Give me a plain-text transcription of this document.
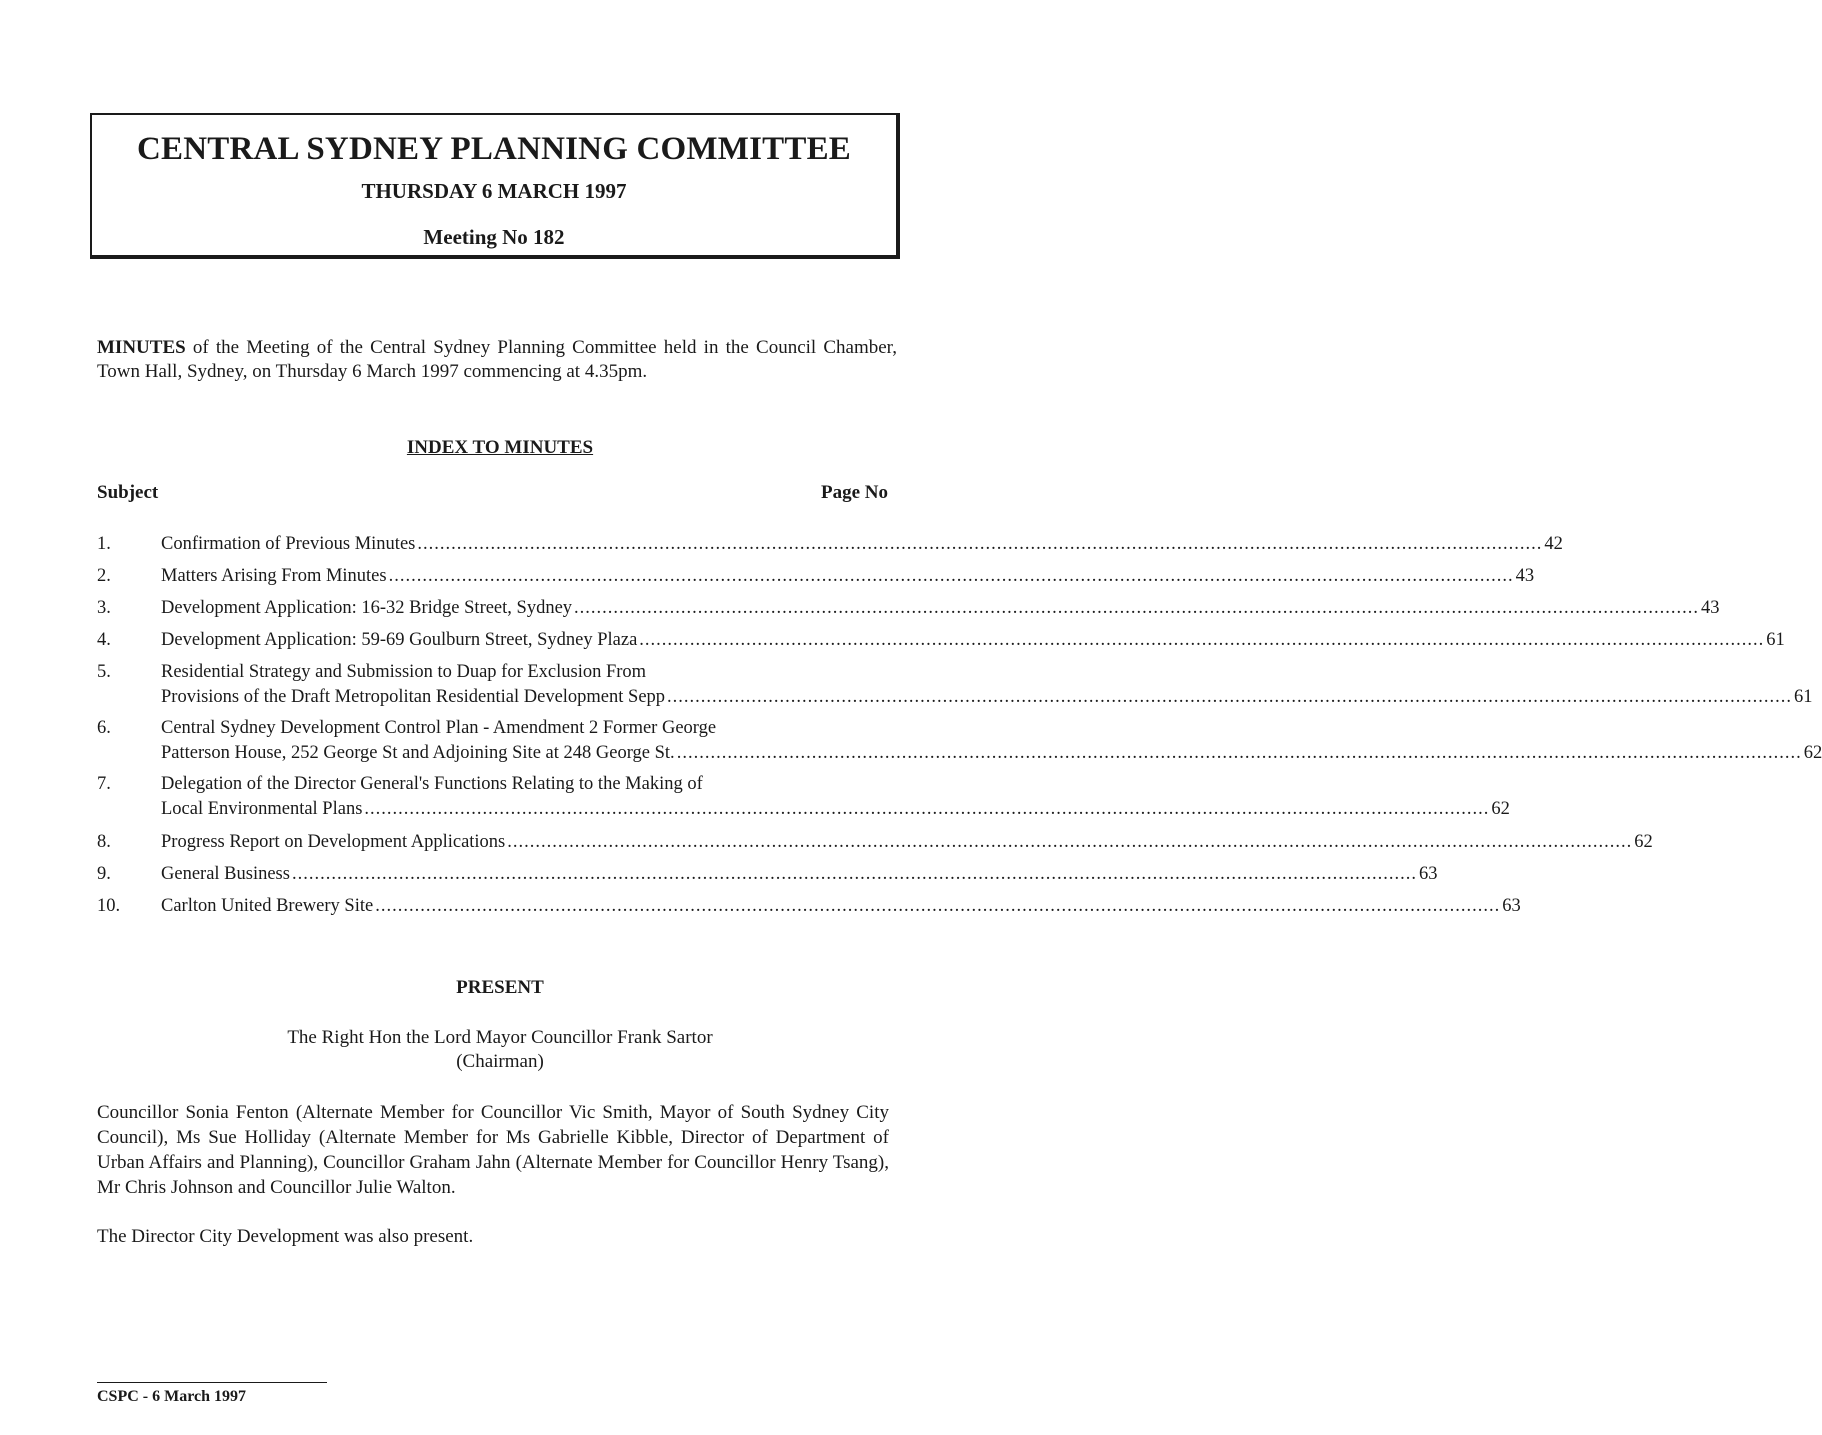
CENTRAL SYDNEY PLANNING COMMITTEE
THURSDAY 6 MARCH 1997
Meeting No 182
MINUTES of the Meeting of the Central Sydney Planning Committee held in the Council Chamber, Town Hall, Sydney, on Thursday 6 March 1997 commencing at 4.35pm.
INDEX TO MINUTES
Subject	Page No
1.	Confirmation of Previous Minutes ........................................................................................................................................................................................................ 42
2.	Matters Arising From Minutes ........................................................................................................................................................................................................ 43
3.	Development Application: 16-32 Bridge Street, Sydney ........................................................................................................................................................................................................ 43
4.	Development Application: 59-69 Goulburn Street, Sydney Plaza ........................................................................................................................................................................................................ 61
5.	Residential Strategy and Submission to Duap for Exclusion From
Provisions of the Draft Metropolitan Residential Development Sepp ........................................................................................................................................................................................................ 61
6.	Central Sydney Development Control Plan - Amendment 2 Former George
Patterson House, 252 George St and Adjoining Site at 248 George St. ........................................................................................................................................................................................................ 62
7.	Delegation of the Director General's Functions Relating to the Making of
Local Environmental Plans ........................................................................................................................................................................................................ 62
8.	Progress Report on Development Applications ........................................................................................................................................................................................................ 62
9.	General Business ........................................................................................................................................................................................................ 63
10.	Carlton United Brewery Site ........................................................................................................................................................................................................ 63
PRESENT
The Right Hon the Lord Mayor Councillor Frank Sartor
(Chairman)
Councillor Sonia Fenton (Alternate Member for Councillor Vic Smith, Mayor of South Sydney City Council), Ms Sue Holliday (Alternate Member for Ms Gabrielle Kibble, Director of Department of Urban Affairs and Planning), Councillor Graham Jahn (Alternate Member for Councillor Henry Tsang), Mr Chris Johnson and Councillor Julie Walton.
The Director City Development was also present.
CSPC - 6 March 1997
